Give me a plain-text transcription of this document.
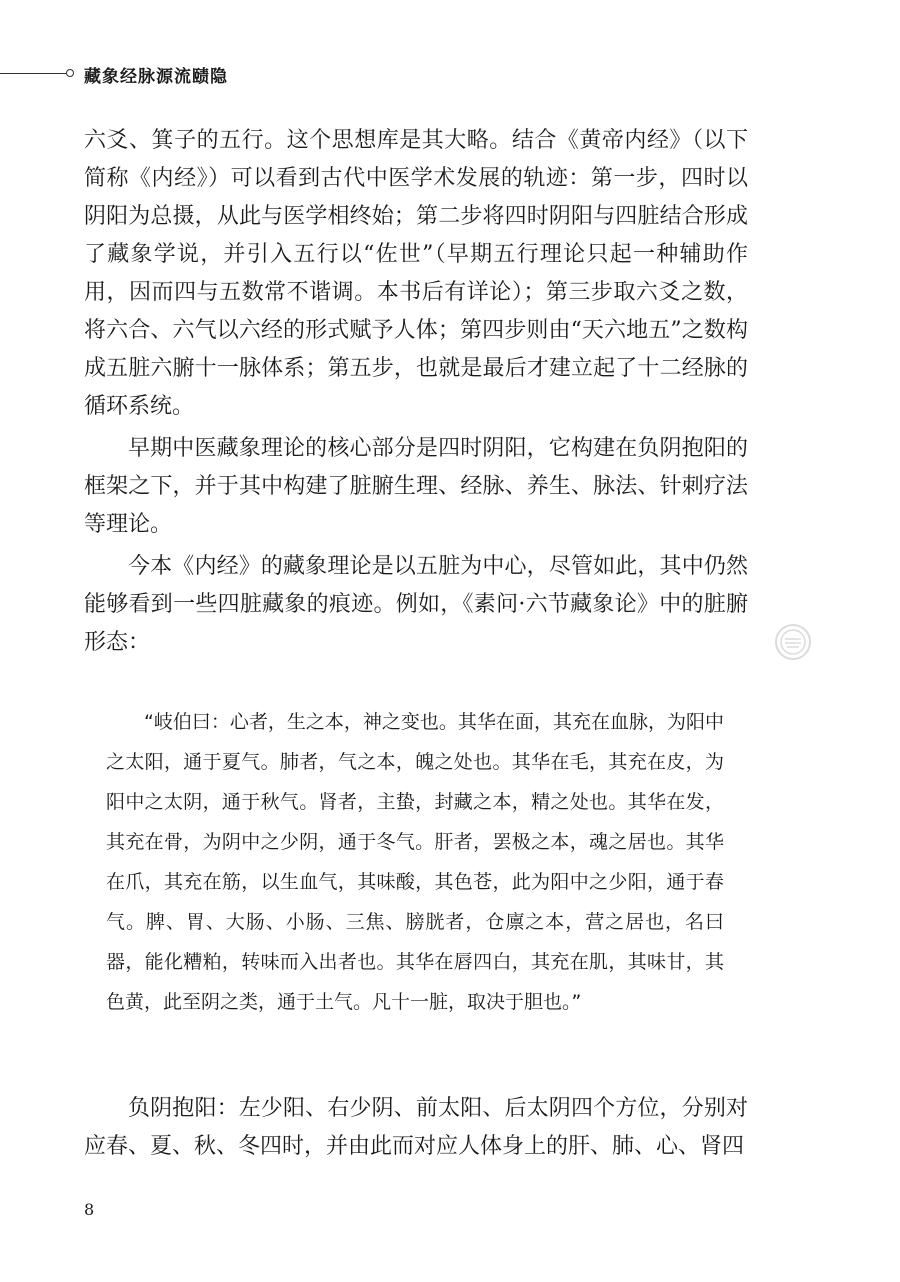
藏象经脉源流赜隐

六爻、箕子的五行。这个思想库是其大略。结合《黄帝内经》（以下简称《内经》）可以看到古代中医学术发展的轨迹：第一步，四时以阴阳为总摄，从此与医学相终始；第二步将四时阴阳与四脏结合形成了藏象学说，并引入五行以“佐世”（早期五行理论只起一种辅助作用，因而四与五数常不谐调。本书后有详论）；第三步取六爻之数，将六合、六气以六经的形式赋予人体；第四步则由“天六地五”之数构成五脏六腑十一脉体系；第五步，也就是最后才建立起了十二经脉的循环系统。

早期中医藏象理论的核心部分是四时阴阳，它构建在负阴抱阳的框架之下，并于其中构建了脏腑生理、经脉、养生、脉法、针刺疗法等理论。

今本《内经》的藏象理论是以五脏为中心，尽管如此，其中仍然能够看到一些四脏藏象的痕迹。例如，《素问·六节藏象论》中的脏腑形态：

“岐伯曰：心者，生之本，神之变也。其华在面，其充在血脉，为阳中之太阳，通于夏气。肺者，气之本，魄之处也。其华在毛，其充在皮，为阳中之太阴，通于秋气。肾者，主蛰，封藏之本，精之处也。其华在发，其充在骨，为阴中之少阴，通于冬气。肝者，罢极之本，魂之居也。其华在爪，其充在筋，以生血气，其味酸，其色苍，此为阳中之少阳，通于春气。脾、胃、大肠、小肠、三焦、膀胱者，仓廪之本，营之居也，名曰器，能化糟粕，转味而入出者也。其华在唇四白，其充在肌，其味甘，其色黄，此至阴之类，通于土气。凡十一脏，取决于胆也。”

负阴抱阳：左少阳、右少阴、前太阳、后太阴四个方位，分别对应春、夏、秋、冬四时，并由此而对应人体身上的肝、肺、心、肾四

8
